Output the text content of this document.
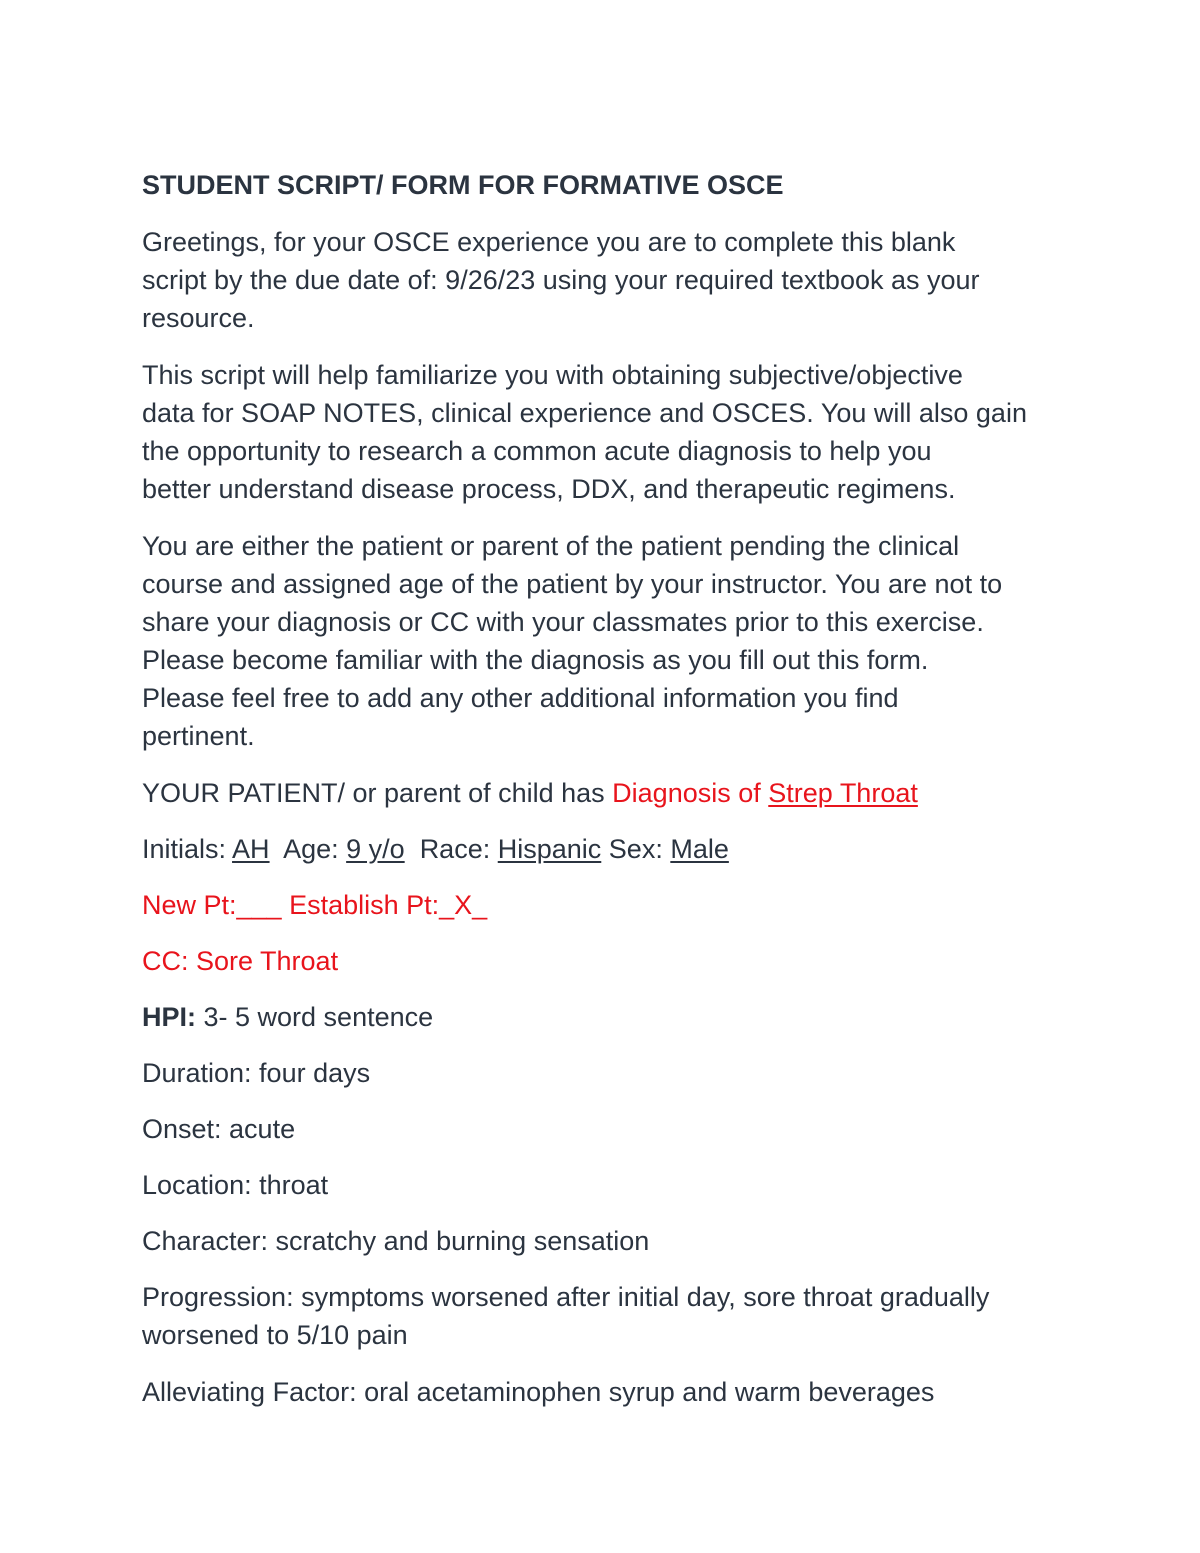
STUDENT SCRIPT/ FORM FOR FORMATIVE OSCE
Greetings, for your OSCE experience you are to complete this blank
script by the due date of: 9/26/23 using your required textbook as your
resource.
This script will help familiarize you with obtaining subjective/objective
data for SOAP NOTES, clinical experience and OSCES. You will also gain
the opportunity to research a common acute diagnosis to help you
better understand disease process, DDX, and therapeutic regimens.
You are either the patient or parent of the patient pending the clinical
course and assigned age of the patient by your instructor. You are not to
share your diagnosis or CC with your classmates prior to this exercise.
Please become familiar with the diagnosis as you fill out this form.
Please feel free to add any other additional information you find
pertinent.
YOUR PATIENT/ or parent of child has Diagnosis of Strep Throat
Initials: AH Age: 9 y/o Race: Hispanic Sex: Male
New Pt:___ Establish Pt:_X_
CC: Sore Throat
HPI: 3- 5 word sentence
Duration: four days
Onset: acute
Location: throat
Character: scratchy and burning sensation
Progression: symptoms worsened after initial day, sore throat gradually
worsened to 5/10 pain
Alleviating Factor: oral acetaminophen syrup and warm beverages
